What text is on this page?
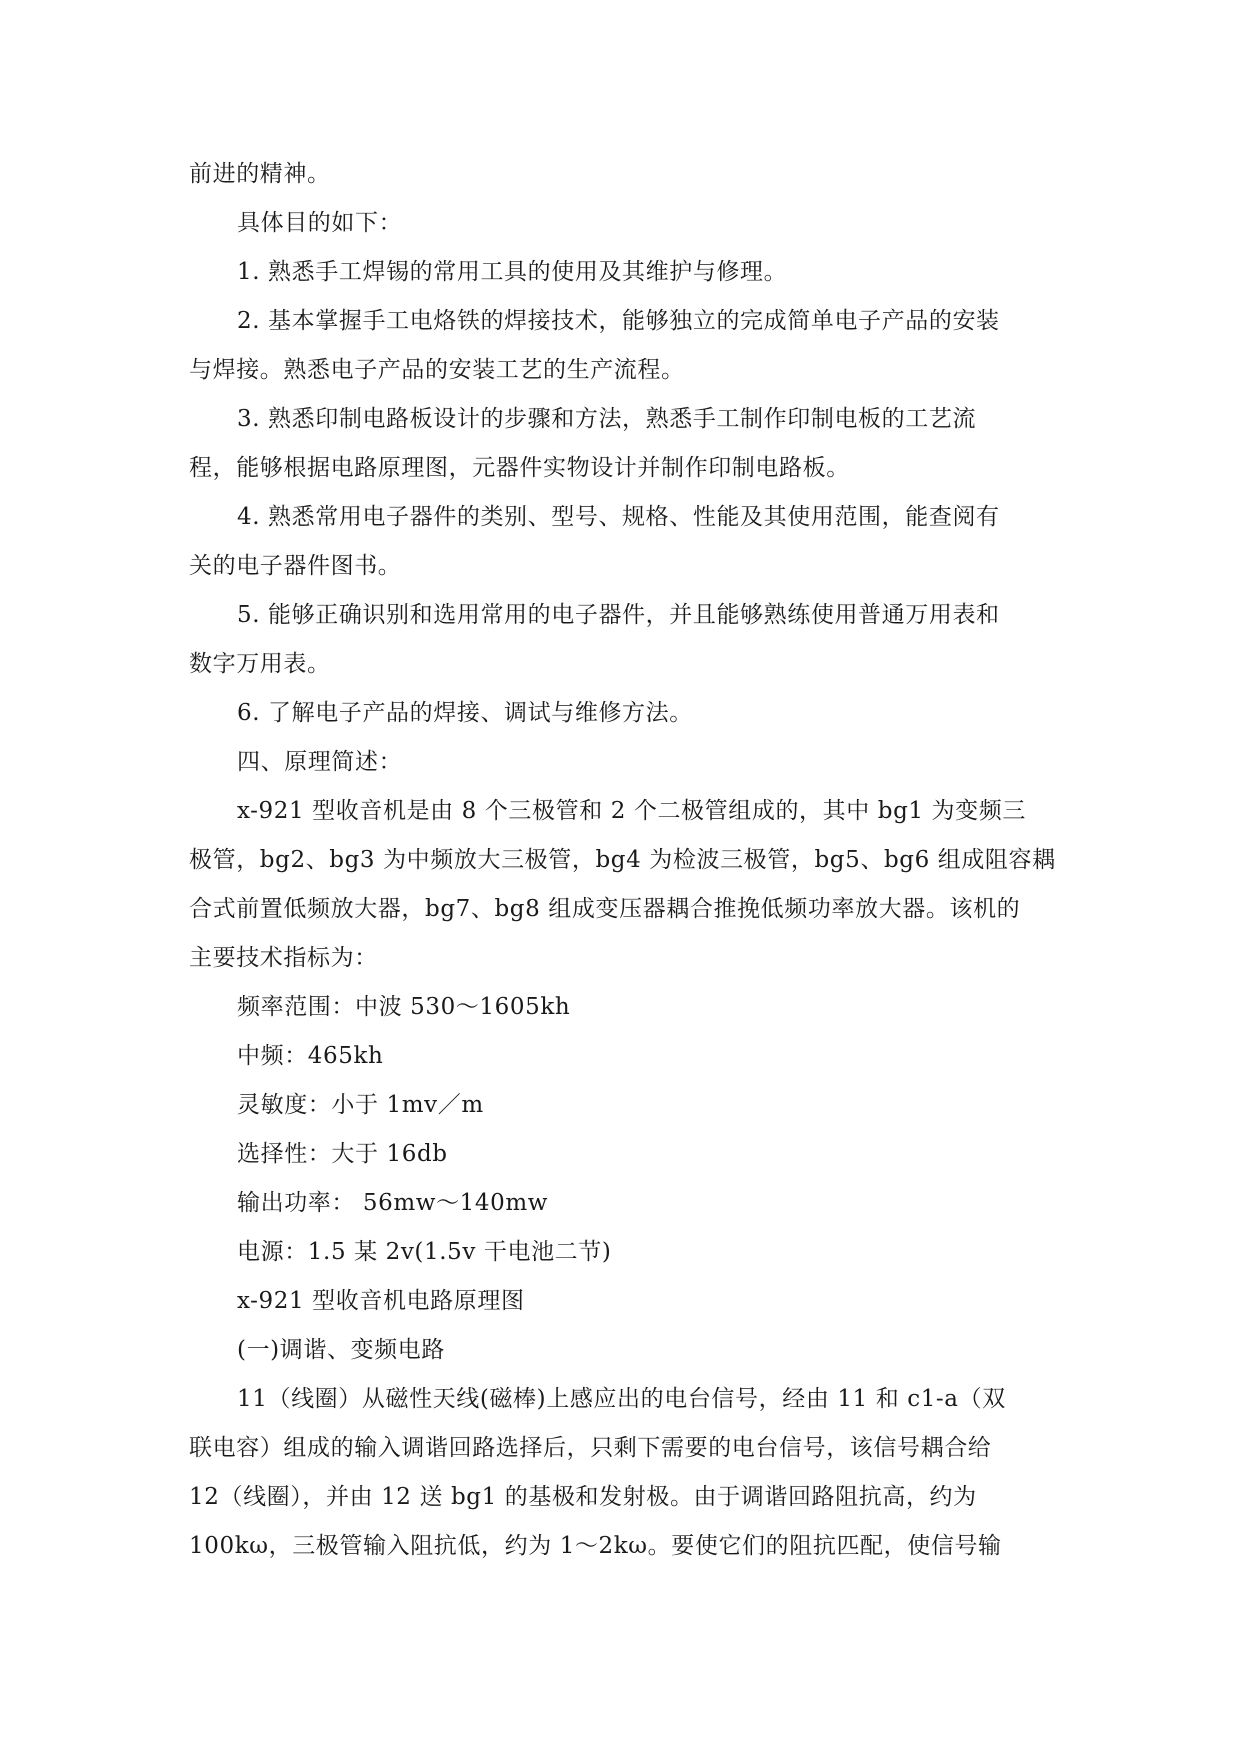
前进的精神。
具体目的如下：
1. 熟悉手工焊锡的常用工具的使用及其维护与修理。
2. 基本掌握手工电烙铁的焊接技术，能够独立的完成简单电子产品的安装
与焊接。熟悉电子产品的安装工艺的生产流程。
3. 熟悉印制电路板设计的步骤和方法，熟悉手工制作印制电板的工艺流
程，能够根据电路原理图，元器件实物设计并制作印制电路板。
4. 熟悉常用电子器件的类别、型号、规格、性能及其使用范围，能查阅有
关的电子器件图书。
5. 能够正确识别和选用常用的电子器件，并且能够熟练使用普通万用表和
数字万用表。
6. 了解电子产品的焊接、调试与维修方法。
四、原理简述：
x-921 型收音机是由 8 个三极管和 2 个二极管组成的，其中 bg1 为变频三
极管，bg2、bg3 为中频放大三极管，bg4 为检波三极管，bg5、bg6 组成阻容耦
合式前置低频放大器，bg7、bg8 组成变压器耦合推挽低频功率放大器。该机的
主要技术指标为：
频率范围：中波 530～1605kh
中频：465kh
灵敏度：小于 1mv／m
选择性：大于 16db
输出功率： 56mw～140mw
电源：1.5 某 2v(1.5v 干电池二节)
x-921 型收音机电路原理图
(一)调谐、变频电路
11（线圈）从磁性天线(磁棒)上感应出的电台信号，经由 11 和 c1-a（双
联电容）组成的输入调谐回路选择后，只剩下需要的电台信号，该信号耦合给
12（线圈），并由 12 送 bg1 的基极和发射极。由于调谐回路阻抗高，约为
100kω，三极管输入阻抗低，约为 1～2kω。要使它们的阻抗匹配，使信号输
